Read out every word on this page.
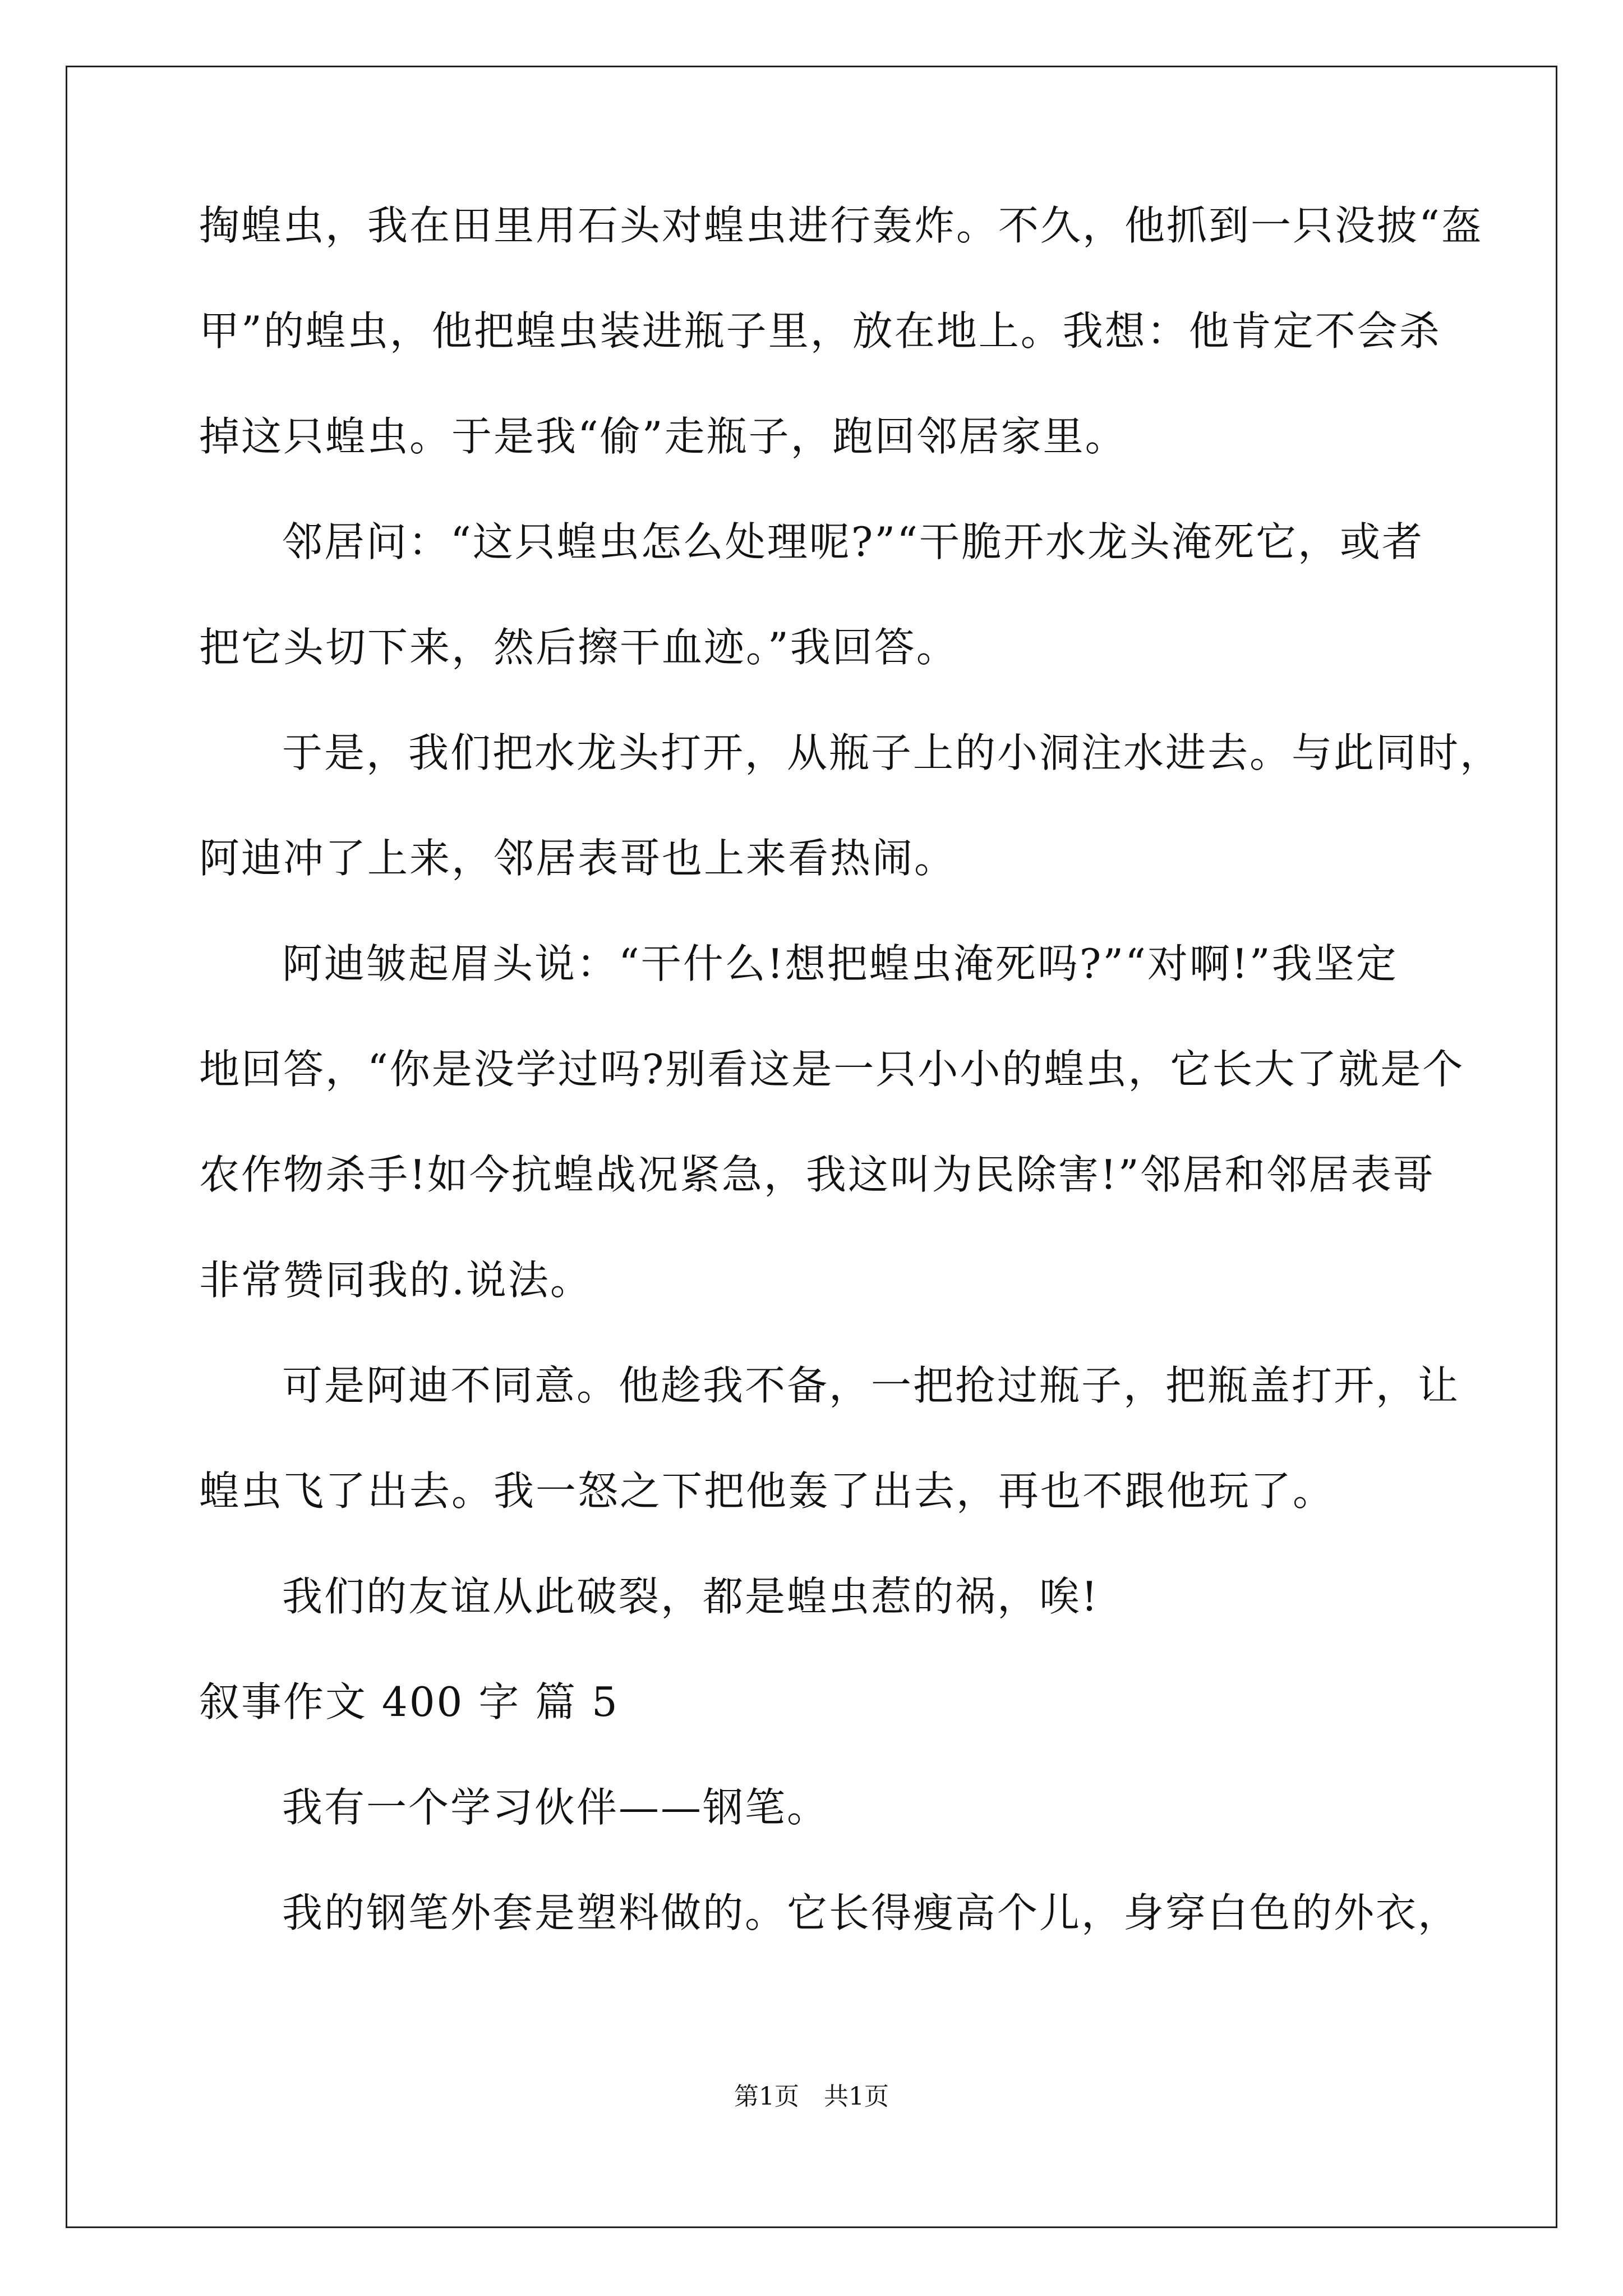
掏蝗虫，我在田里用石头对蝗虫进行轰炸。不久，他抓到一只没披“盔
甲”的蝗虫，他把蝗虫装进瓶子里，放在地上。我想：他肯定不会杀
掉这只蝗虫。于是我“偷”走瓶子，跑回邻居家里。
邻居问：“这只蝗虫怎么处理呢?”“干脆开水龙头淹死它，或者
把它头切下来，然后擦干血迹。”我回答。
于是，我们把水龙头打开，从瓶子上的小洞注水进去。与此同时，
阿迪冲了上来，邻居表哥也上来看热闹。
阿迪皱起眉头说：“干什么!想把蝗虫淹死吗?”“对啊!”我坚定
地回答，“你是没学过吗?别看这是一只小小的蝗虫，它长大了就是个
农作物杀手!如今抗蝗战况紧急，我这叫为民除害!”邻居和邻居表哥
非常赞同我的.说法。
可是阿迪不同意。他趁我不备，一把抢过瓶子，把瓶盖打开，让
蝗虫飞了出去。我一怒之下把他轰了出去，再也不跟他玩了。
我们的友谊从此破裂，都是蝗虫惹的祸，唉!
叙事作文 400 字 篇 5
我有一个学习伙伴——钢笔。
我的钢笔外套是塑料做的。它长得瘦高个儿，身穿白色的外衣，
第1页　共1页
